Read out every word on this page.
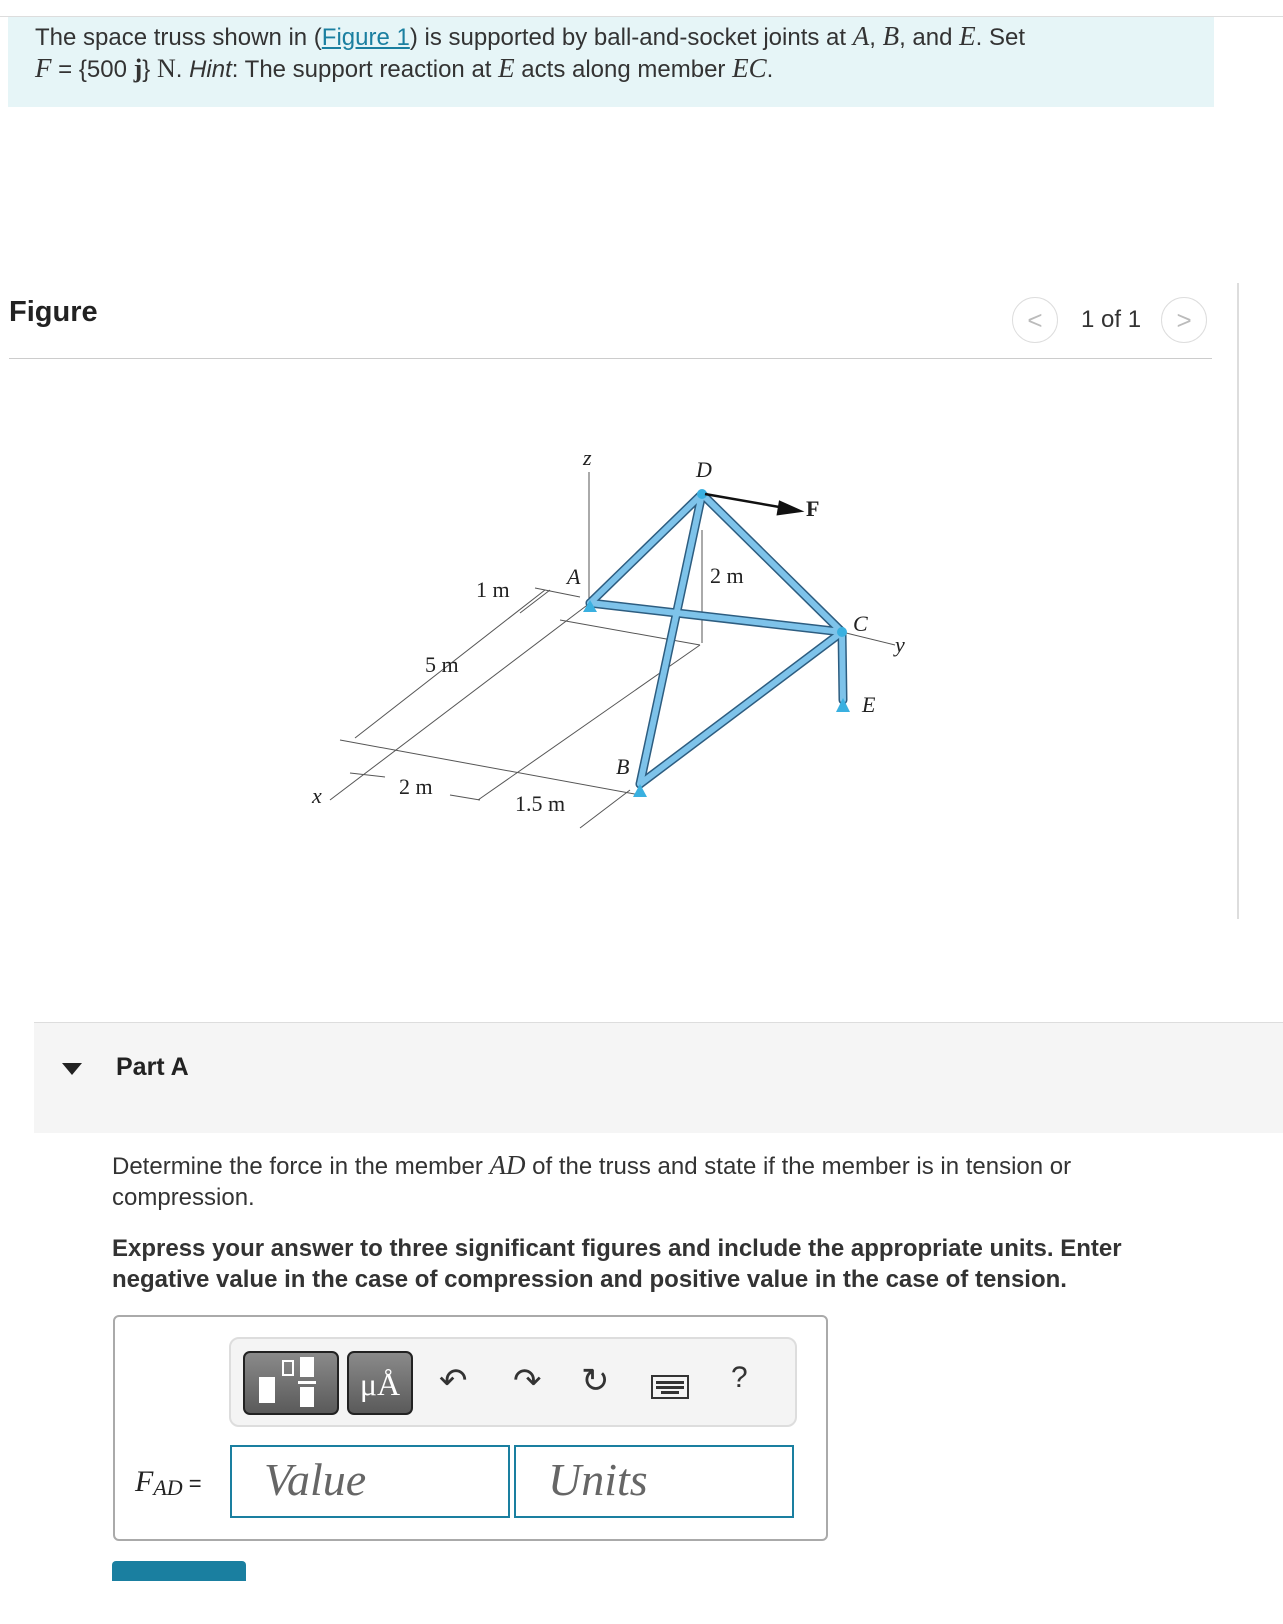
The space truss shown in (Figure 1) is supported by ball-and-socket joints at A, B, and E. Set
F = {500 j} N. Hint: The support reaction at E acts along member EC.

Figure	< 1 of 1 >
z	D
F
A	2 m
1 m
C
y
5 m
E
B
x	2 m
1.5 m
Part A
Determine the force in the member AD of the truss and state if the member is in tension or compression.
Express your answer to three significant figures and include the appropriate units. Enter negative value in the case of compression and positive value in the case of tension.
μÅ	↶ ↷ ↻	?
$F_{AD}$ =	Value	Units
